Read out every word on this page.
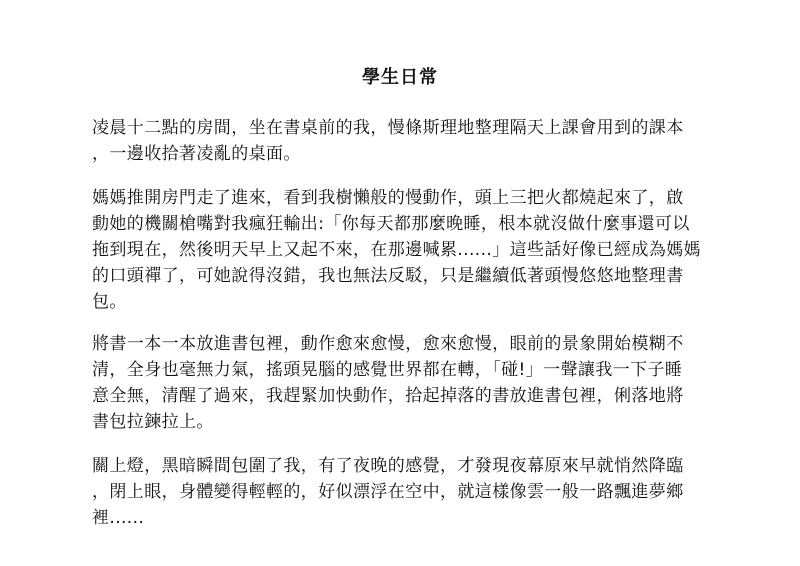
學生日常

凌晨十二點的房間，坐在書桌前的我，慢條斯理地整理隔天上課會用到的課本
，一邊收拾著凌亂的桌面。

媽媽推開房門走了進來，看到我樹懶般的慢動作，頭上三把火都燒起來了，啟
動她的機關槍嘴對我瘋狂輸出:「你每天都那麼晚睡，根本就沒做什麼事還可以
拖到現在，然後明天早上又起不來，在那邊喊累......」這些話好像已經成為媽媽
的口頭禪了，可她說得沒錯，我也無法反駁，只是繼續低著頭慢悠悠地整理書
包。

將書一本一本放進書包裡，動作愈來愈慢，愈來愈慢，眼前的景象開始模糊不
清，全身也毫無力氣，搖頭晃腦的感覺世界都在轉，「碰!」一聲讓我一下子睡
意全無，清醒了過來，我趕緊加快動作，拾起掉落的書放進書包裡，俐落地將
書包拉鍊拉上。

關上燈，黑暗瞬間包圍了我，有了夜晚的感覺，才發現夜幕原來早就悄然降臨
，閉上眼，身體變得輕輕的，好似漂浮在空中，就這樣像雲一般一路飄進夢鄉
裡......
